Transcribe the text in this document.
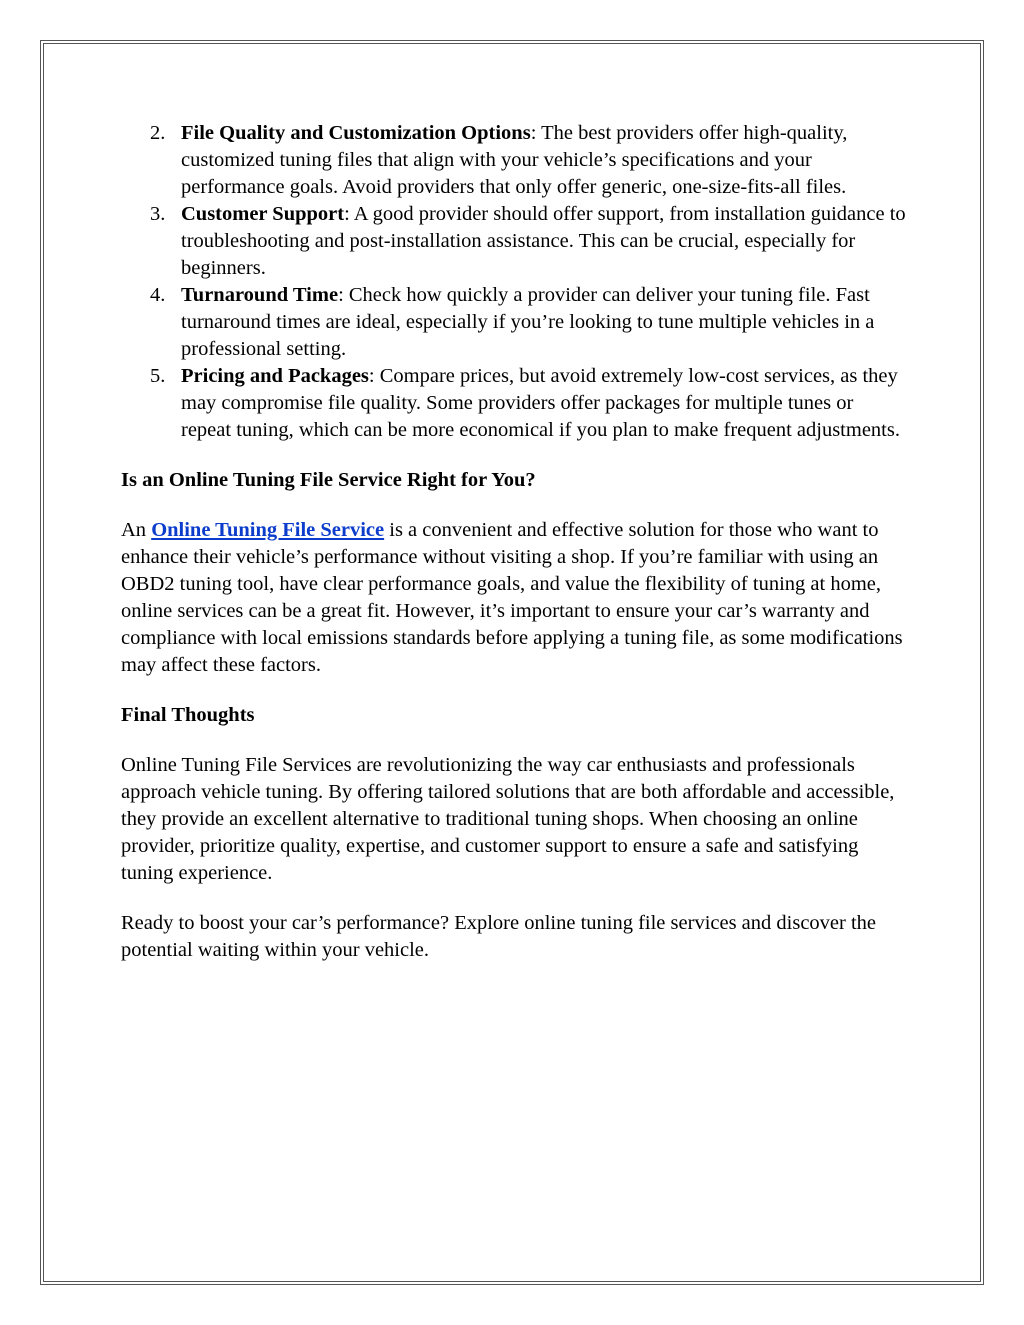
2. File Quality and Customization Options: The best providers offer high-quality, customized tuning files that align with your vehicle’s specifications and your performance goals. Avoid providers that only offer generic, one-size-fits-all files.
3. Customer Support: A good provider should offer support, from installation guidance to troubleshooting and post-installation assistance. This can be crucial, especially for beginners.
4. Turnaround Time: Check how quickly a provider can deliver your tuning file. Fast turnaround times are ideal, especially if you’re looking to tune multiple vehicles in a professional setting.
5. Pricing and Packages: Compare prices, but avoid extremely low-cost services, as they may compromise file quality. Some providers offer packages for multiple tunes or repeat tuning, which can be more economical if you plan to make frequent adjustments.
Is an Online Tuning File Service Right for You?

An Online Tuning File Service is a convenient and effective solution for those who want to enhance their vehicle’s performance without visiting a shop. If you’re familiar with using an OBD2 tuning tool, have clear performance goals, and value the flexibility of tuning at home, online services can be a great fit. However, it’s important to ensure your car’s warranty and compliance with local emissions standards before applying a tuning file, as some modifications may affect these factors.

Final Thoughts

Online Tuning File Services are revolutionizing the way car enthusiasts and professionals approach vehicle tuning. By offering tailored solutions that are both affordable and accessible, they provide an excellent alternative to traditional tuning shops. When choosing an online provider, prioritize quality, expertise, and customer support to ensure a safe and satisfying tuning experience.

Ready to boost your car’s performance? Explore online tuning file services and discover the potential waiting within your vehicle.
